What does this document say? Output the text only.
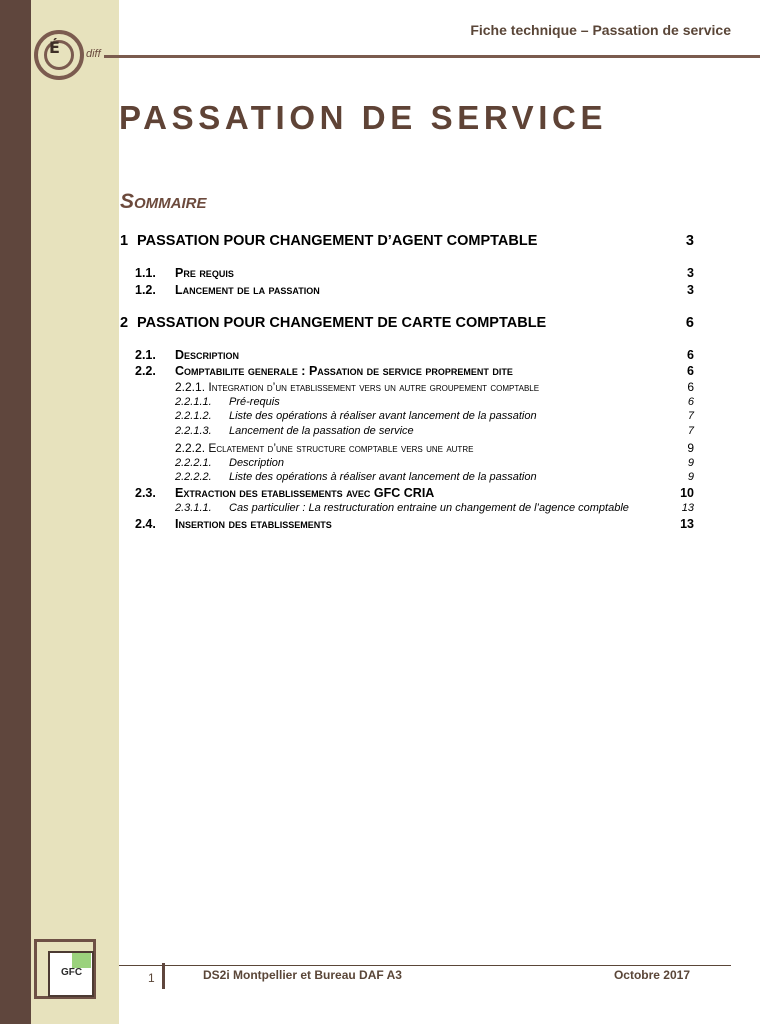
É diff
Fiche technique – Passation de service
PASSATION DE SERVICE
Sommaire
1 PASSATION POUR CHANGEMENT D’AGENT COMPTABLE	3
1.1. Pre requis	3
1.2. Lancement de la passation	3
2 PASSATION POUR CHANGEMENT DE CARTE COMPTABLE	6
2.1. Description	6
2.2. Comptabilite generale : Passation de service proprement dite	6
2.2.1. Integration d’un etablissement vers un autre groupement comptable	6
2.2.1.1. Pré-requis	6
2.2.1.2. Liste des opérations à réaliser avant lancement de la passation	7
2.2.1.3. Lancement de la passation de service	7
2.2.2. Eclatement d’une structure comptable vers une autre	9
2.2.2.1. Description	9
2.2.2.2. Liste des opérations à réaliser avant lancement de la passation	9
2.3. Extraction des etablissements avec GFC CRIA	10
2.3.1.1. Cas particulier : La restructuration entraine un changement de l’agence comptable	13
2.4. Insertion des etablissements	13
1	DS2i Montpellier et Bureau DAF A3	Octobre 2017
GFC
